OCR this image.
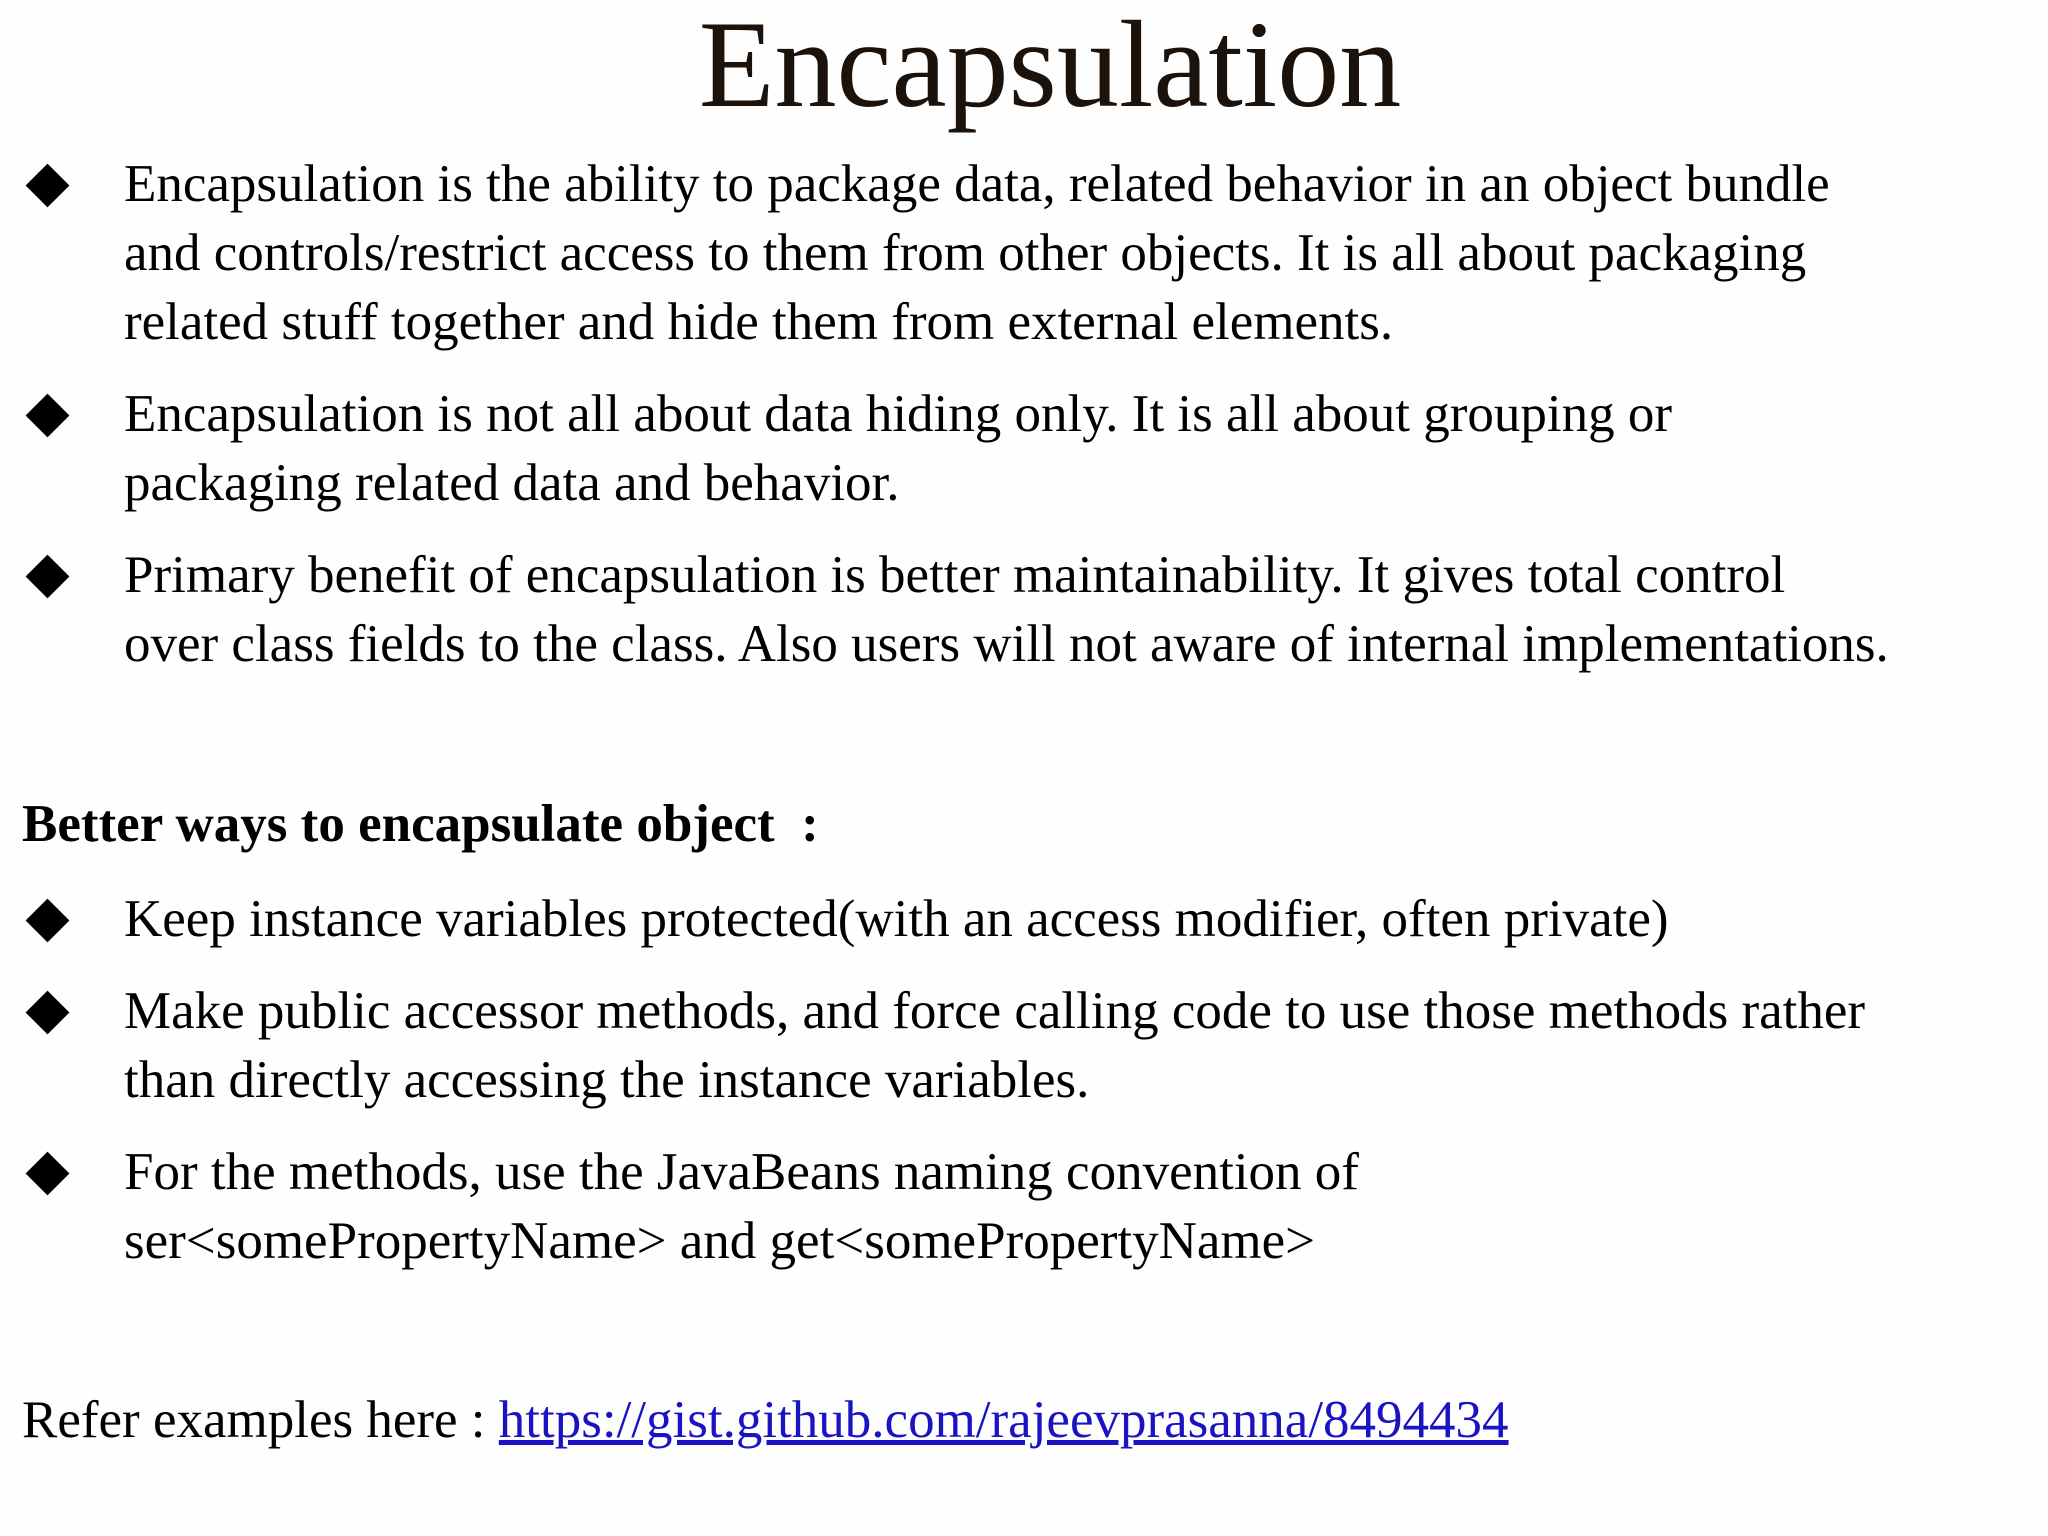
Encapsulation
Encapsulation is the ability to package data, related behavior in an object bundle
and controls/restrict access to them from other objects. It is all about packaging
related stuff together and hide them from external elements.
Encapsulation is not all about data hiding only. It is all about grouping or
packaging related data and behavior.
Primary benefit of encapsulation is better maintainability. It gives total control
over class fields to the class. Also users will not aware of internal implementations.
Better ways to encapsulate object  :
Keep instance variables protected(with an access modifier, often private)
Make public accessor methods, and force calling code to use those methods rather
than directly accessing the instance variables.
For the methods, use the JavaBeans naming convention of
ser<somePropertyName> and get<somePropertyName>
Refer examples here : https://gist.github.com/rajeevprasanna/8494434
